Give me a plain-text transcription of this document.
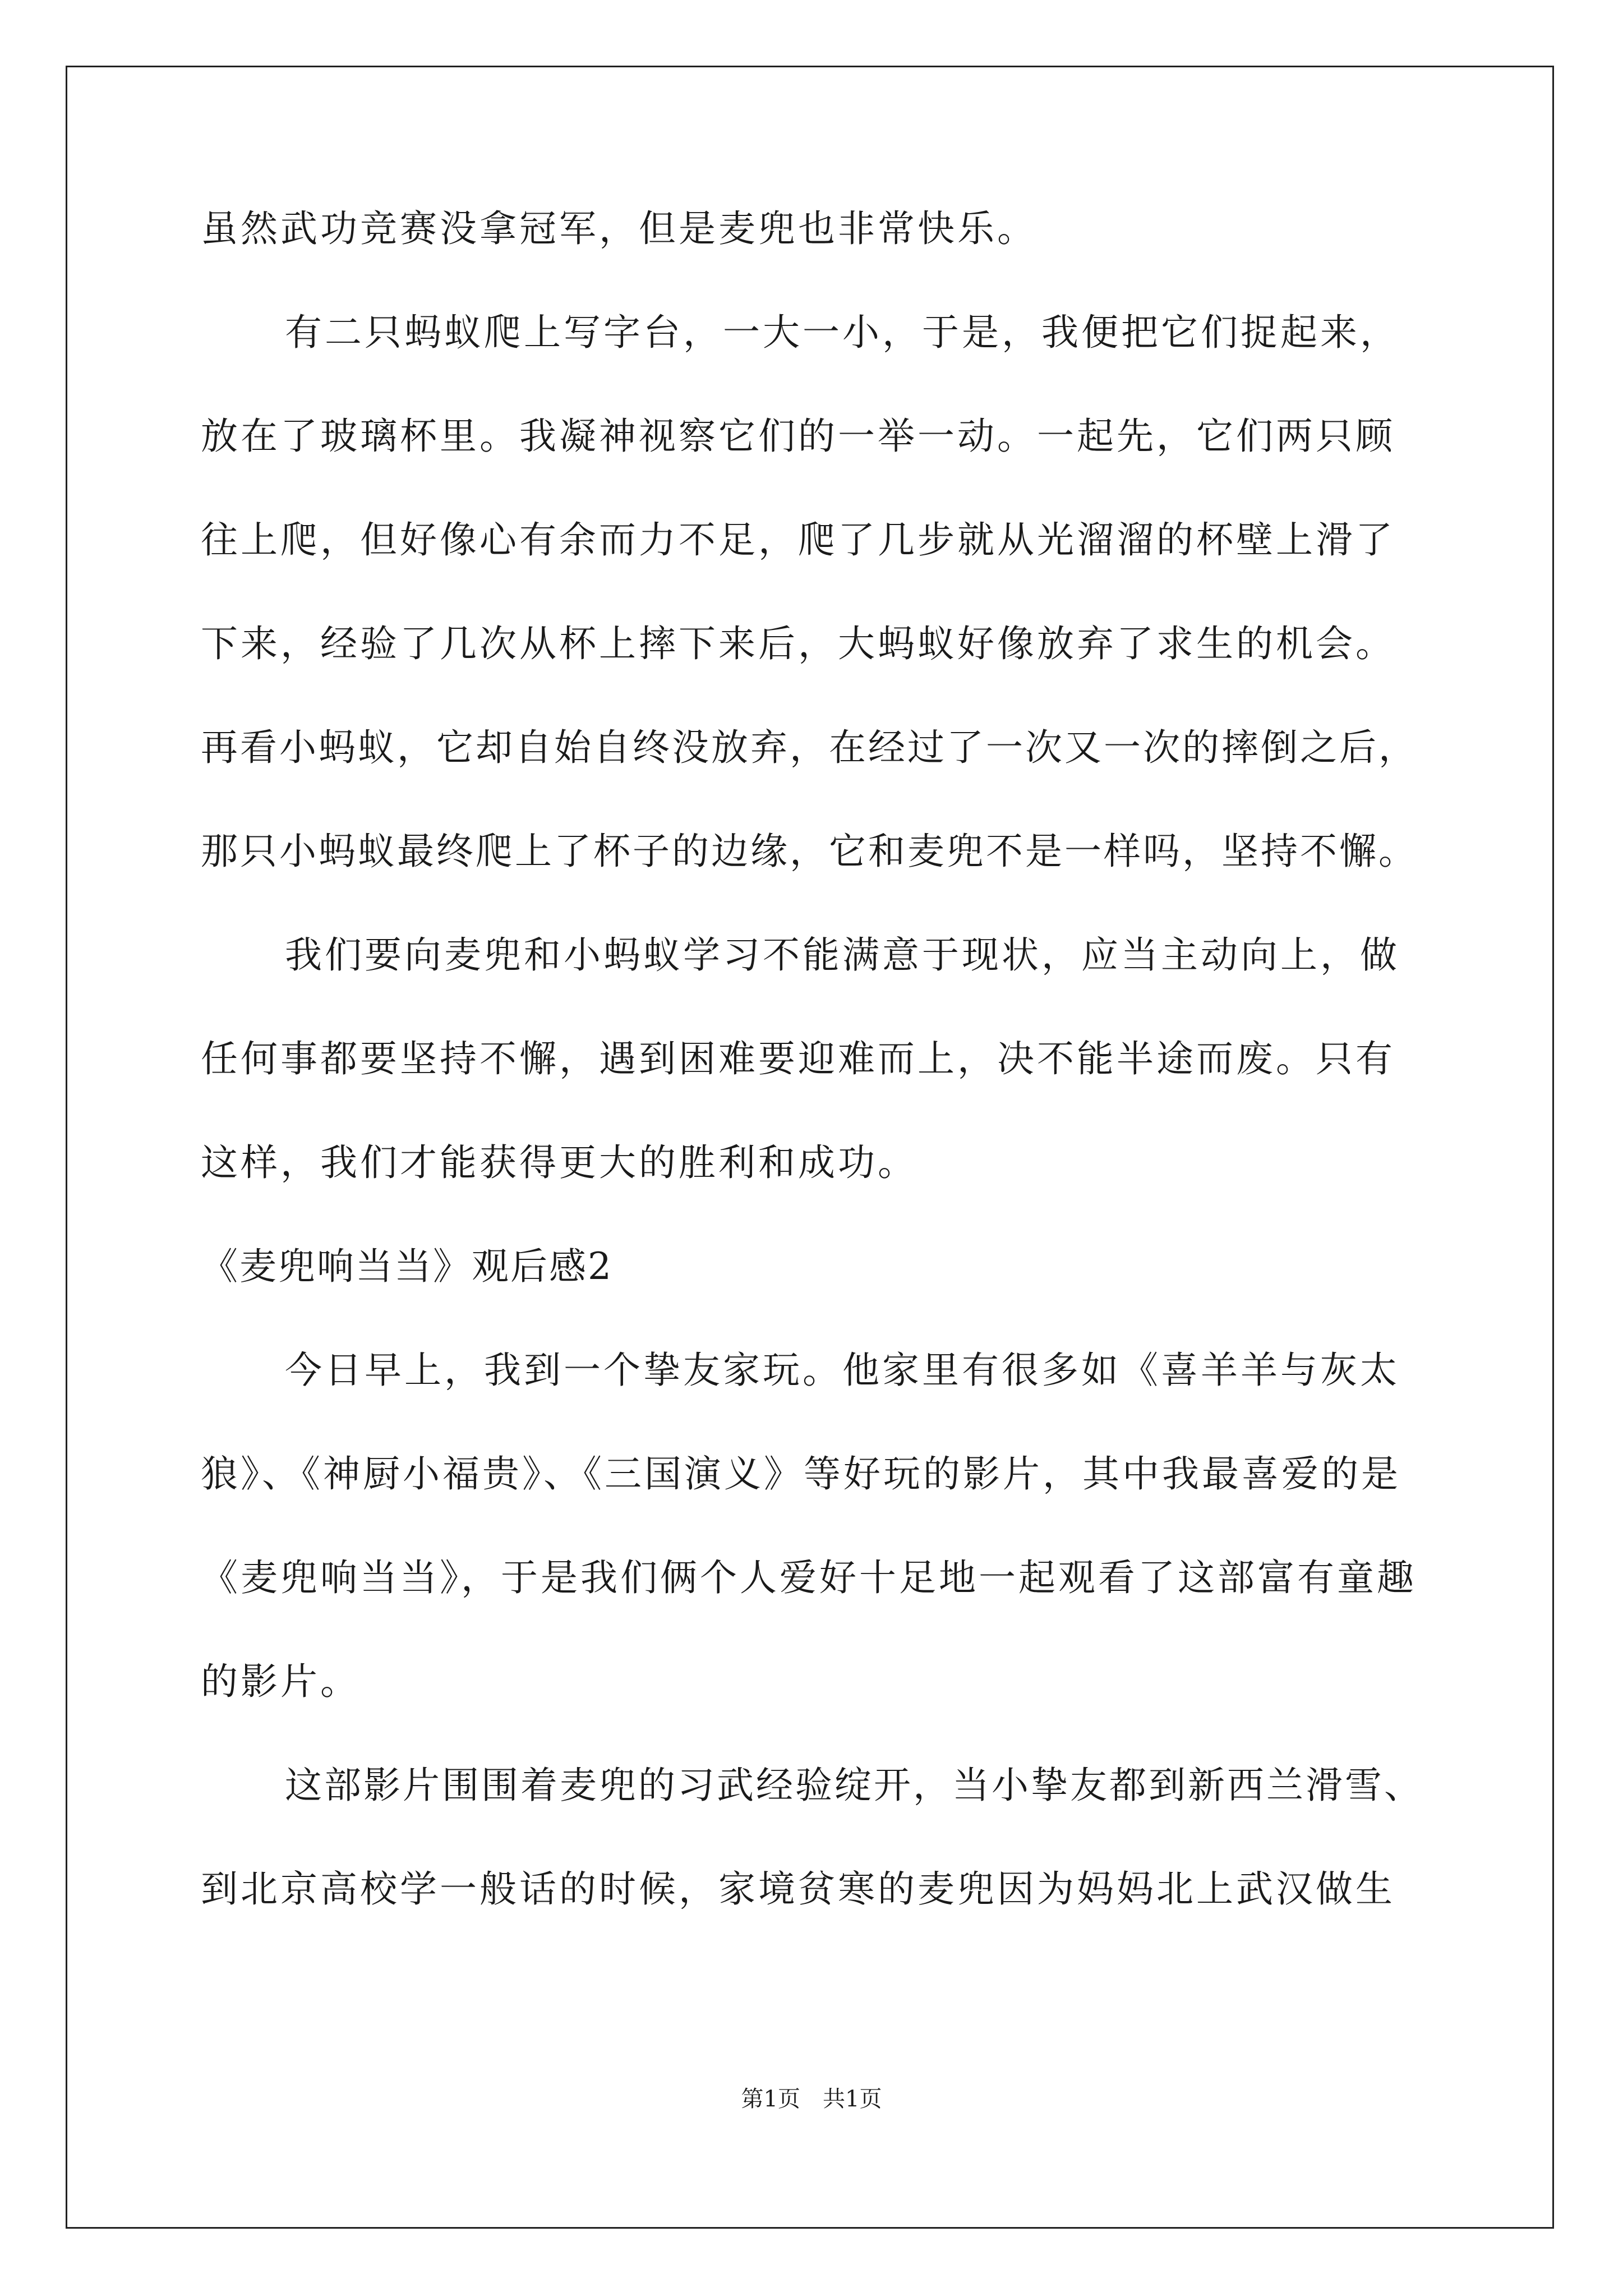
虽然武功竞赛没拿冠军，但是麦兜也非常快乐。
有二只蚂蚁爬上写字台，一大一小，于是，我便把它们捉起来，
放在了玻璃杯里。我凝神视察它们的一举一动。一起先，它们两只顾
往上爬，但好像心有余而力不足，爬了几步就从光溜溜的杯壁上滑了
下来，经验了几次从杯上摔下来后，大蚂蚁好像放弃了求生的机会。
再看小蚂蚁，它却自始自终没放弃，在经过了一次又一次的摔倒之后，
那只小蚂蚁最终爬上了杯子的边缘，它和麦兜不是一样吗，坚持不懈。
我们要向麦兜和小蚂蚁学习不能满意于现状，应当主动向上，做
任何事都要坚持不懈，遇到困难要迎难而上，决不能半途而废。只有
这样，我们才能获得更大的胜利和成功。
《麦兜响当当》观后感2
今日早上，我到一个挚友家玩。他家里有很多如《喜羊羊与灰太
狼》、《神厨小福贵》、《三国演义》等好玩的影片，其中我最喜爱的是
《麦兜响当当》，于是我们俩个人爱好十足地一起观看了这部富有童趣
的影片。
这部影片围围着麦兜的习武经验绽开，当小挚友都到新西兰滑雪、
到北京高校学一般话的时候，家境贫寒的麦兜因为妈妈北上武汉做生
第1页 共1页
